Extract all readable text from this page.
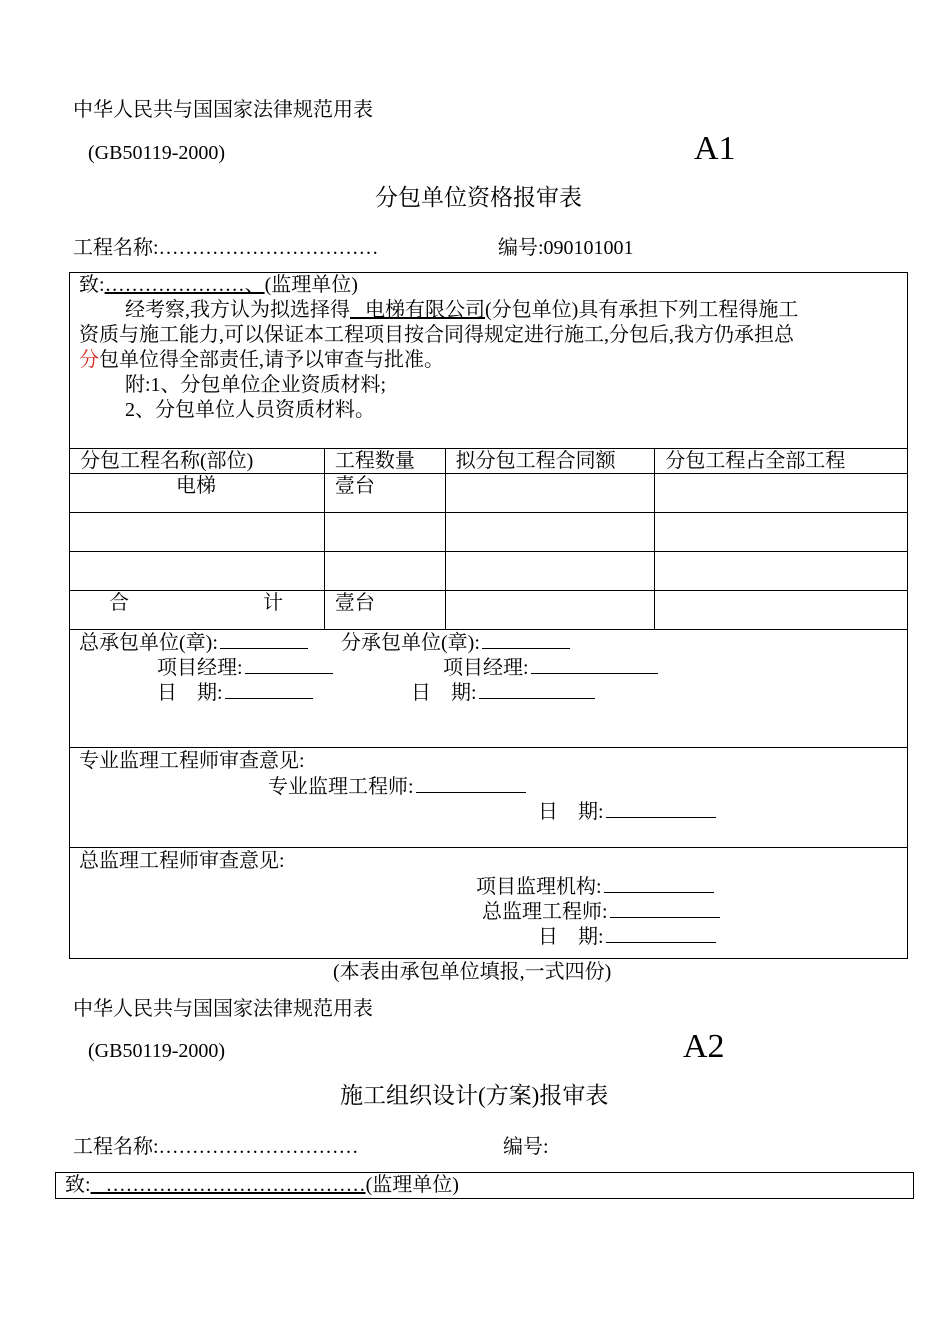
中华人民共与国国家法律规范用表
(GB50119-2000)	A1
分包单位资格报审表
工程名称:……………………………	编号:090101001
致:…………………、(监理单位)
经考察,我方认为拟选择得 电梯有限公司(分包单位)具有承担下列工程得施工
资质与施工能力,可以保证本工程项目按合同得规定进行施工,分包后,我方仍承担总
分包单位得全部责任,请予以审查与批准。
附:1、分包单位企业资质材料;
2、分包单位人员资质材料。
分包工程名称(部位)	工程数量	拟分包工程合同额	分包工程占全部工程
电梯	壹台		

合 计	壹台		
总承包单位(章):	分承包单位(章):
项目经理:	项目经理:
日　期:	日　期:
专业监理工程师审查意见:
专业监理工程师:
日　期:
总监理工程师审查意见:
项目监理机构:
总监理工程师:
日　期:
(本表由承包单位填报,一式四份)
中华人民共与国国家法律规范用表
(GB50119-2000)	A2
施工组织设计(方案)报审表
工程名称:…………………………	编号:
致: …………………………………(监理单位)
